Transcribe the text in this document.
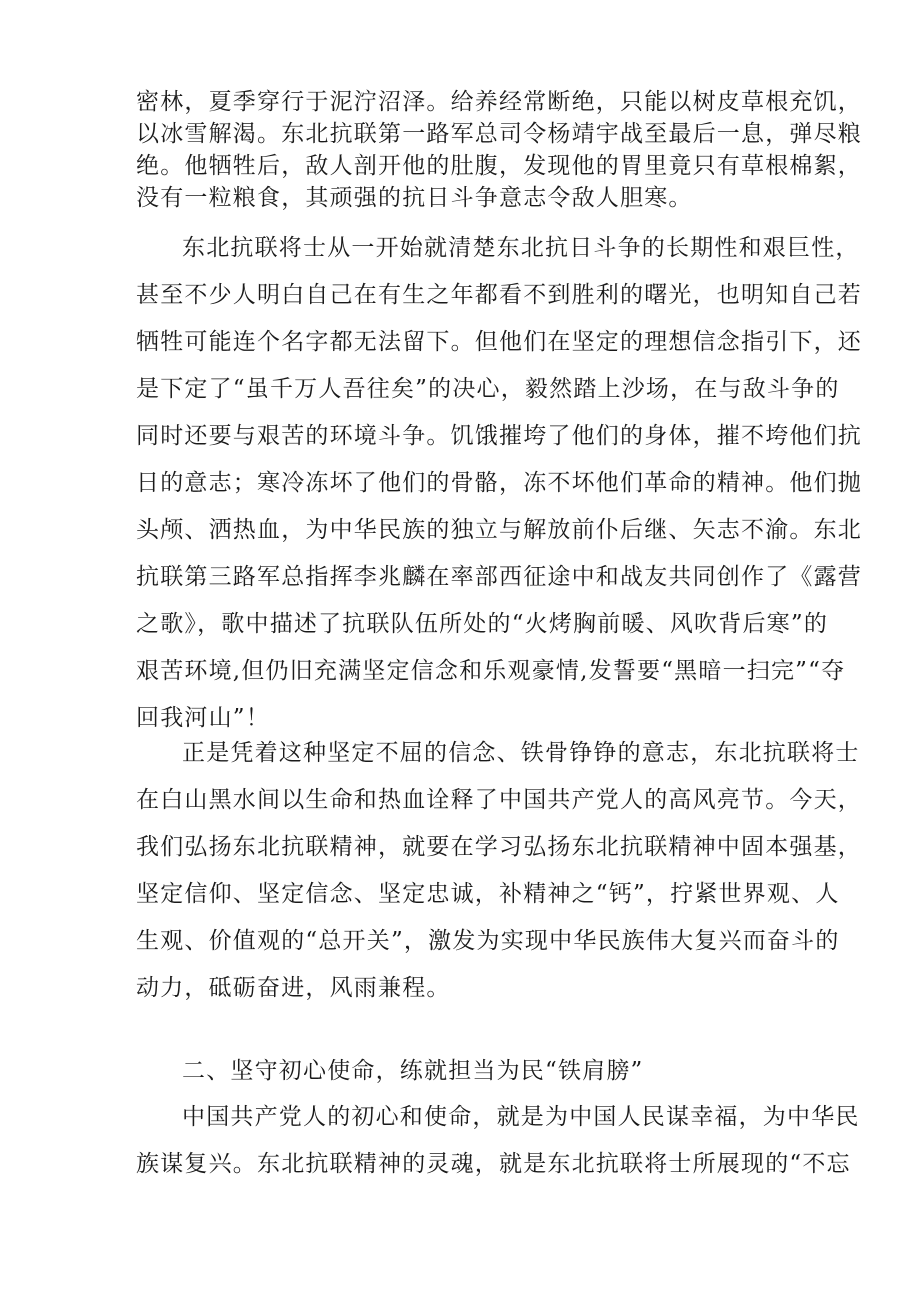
密林，夏季穿行于泥泞沼泽。给养经常断绝，只能以树皮草根充饥，
以冰雪解渴。东北抗联第一路军总司令杨靖宇战至最后一息，弹尽粮
绝。他牺牲后，敌人剖开他的肚腹，发现他的胃里竟只有草根棉絮，
没有一粒粮食，其顽强的抗日斗争意志令敌人胆寒。
东北抗联将士从一开始就清楚东北抗日斗争的长期性和艰巨性，
甚至不少人明白自己在有生之年都看不到胜利的曙光，也明知自己若
牺牲可能连个名字都无法留下。但他们在坚定的理想信念指引下，还
是下定了“虽千万人吾往矣”的决心，毅然踏上沙场，在与敌斗争的
同时还要与艰苦的环境斗争。饥饿摧垮了他们的身体，摧不垮他们抗
日的意志；寒冷冻坏了他们的骨骼，冻不坏他们革命的精神。他们抛
头颅、洒热血，为中华民族的独立与解放前仆后继、矢志不渝。东北
抗联第三路军总指挥李兆麟在率部西征途中和战友共同创作了《露营
之歌》，歌中描述了抗联队伍所处的“火烤胸前暖、风吹背后寒”的
艰苦环境,但仍旧充满坚定信念和乐观豪情,发誓要“黑暗一扫完”“夺
回我河山”！
正是凭着这种坚定不屈的信念、铁骨铮铮的意志，东北抗联将士
在白山黑水间以生命和热血诠释了中国共产党人的高风亮节。今天，
我们弘扬东北抗联精神，就要在学习弘扬东北抗联精神中固本强基，
坚定信仰、坚定信念、坚定忠诚，补精神之“钙”，拧紧世界观、人
生观、价值观的“总开关”，激发为实现中华民族伟大复兴而奋斗的
动力，砥砺奋进，风雨兼程。
二、坚守初心使命，练就担当为民“铁肩膀”
中国共产党人的初心和使命，就是为中国人民谋幸福，为中华民
族谋复兴。东北抗联精神的灵魂，就是东北抗联将士所展现的“不忘
